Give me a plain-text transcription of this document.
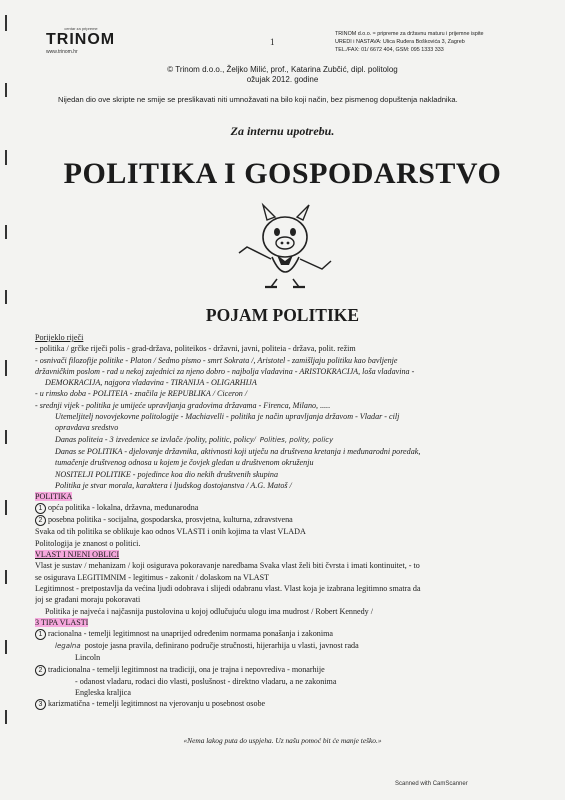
centar za pripreme
TRINOM
www.trinom.hr
1
TRINOM d.o.o. ≈ pripreme za državnu maturu i prijemne ispite
UREDI i NASTAVA: Ulica Ruđera Boškovića 3, Zagreb
TEL./FAX: 01/ 6672 404, GSM: 095 1333 333
© Trinom d.o.o., Željko Milić, prof., Katarina Zubčić, dipl. politolog
ožujak 2012. godine
Nijedan dio ove skripte ne smije se preslikavati niti umnožavati na bilo koji način, bez pismenog dopuštenja nakladnika.
Za internu upotrebu.
POLITIKA I GOSPODARSTVO
POJAM POLITIKE
Porijeklo riječi
- politika / grčke riječi polis - grad-država, politeikos - državni, javni, politeia - država, polit. režim
- osnivači filozofije politike - Platon / Sedmo pismo - smrt Sokrata /, Aristotel - zamišljaju politiku kao bavljenje
državničkim poslom - rad u nekoj zajednici za njeno dobro - najbolja vladavina - ARISTOKRACIJA, loša vladavina -
DEMOKRACIJA, najgora vladavina - TIRANIJA - OLIGARHIJA
- u rimsko doba - POLITEIA - značila je REPUBLIKA / Ciceron /
- srednji vijek - politika je umijeće upravljanja gradovima državama - Firenca, Milano, .....
Utemeljitelj novovjekovne politologije - Machiavelli - politika je način upravljanja državom - Vladar - cilj
opravdava sredstvo
Danas politeia - 3 izvedenice se izvlače /polity, politic, policy/ Polities, polity, policy
Danas se POLITIKA - djelovanje državnika, aktivnosti koji utječu na društvena kretanja i međunarodni poredak,
tumačenje društvenog odnosa u kojem je čovjek gledan u društvenom okruženju
NOSITELJI POLITIKE - pojedince koa dio nekih društvenih skupina
Politika je stvar morala, karaktera i ljudskog dostojanstva / A.G. Matoš /
POLITIKA
1 opća politika - lokalna, državna, međunarodna
2 posebna politika - socijalna, gospodarska, prosvjetna, kulturna, zdravstvena
Svaka od tih politika se oblikuje kao odnos VLASTI i onih kojima ta vlast VLADA
Politologija je znanost o politici.
VLAST I NJENI OBLICI
Vlast je sustav / mehanizam / koji osigurava pokoravanje naredbama Svaka vlast želi biti čvrsta i imati kontinuitet, - to
se osigurava LEGITIMNIM - legitimus - zakonit / dolaskom na VLAST
Legitimnost - pretpostavlja da većina ljudi odobrava i slijedi odabranu vlast. Vlast koja je izabrana legitimno smatra da
joj se građani moraju pokoravati
Politika je najveća i najčasnija pustolovina u kojoj odlučujuću ulogu ima mudrost / Robert Kennedy /
3 TIPA VLASTI
1 racionalna - temelji legitimnost na unaprijed određenim normama ponašanja i zakonima
legalna postoje jasna pravila, definirano područje stručnosti, hijerarhija u vlasti, javnost rada
Lincoln
2 tradicionalna - temelji legitimnost na tradiciji, ona je trajna i nepovrediva - monarhije
- odanost vladaru, rodaci dio vlasti, poslušnost - direktno vladaru, a ne zakonima
Engleska kraljica
3 karizmatična - temelji legitimnost na vjerovanju u posebnost osobe
«Nema lakog puta do uspjeha. Uz našu pomoć bit će manje teško.»
Scanned with CamScanner
